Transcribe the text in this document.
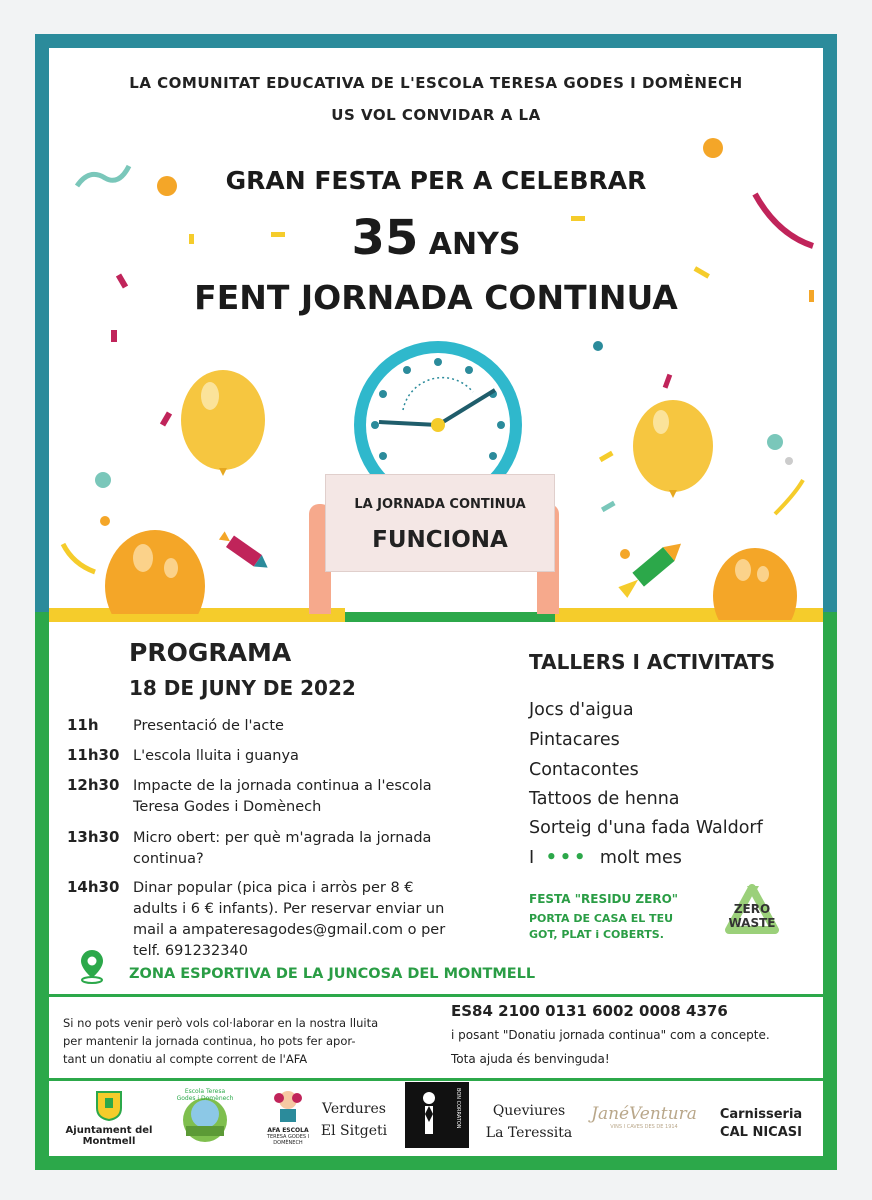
LA COMUNITAT EDUCATIVA DE L'ESCOLA TERESA GODES I DOMÈNECH
US VOL CONVIDAR A LA
GRAN FESTA PER A CELEBRAR
35 ANYS
FENT JORNADA CONTINUA
LA JORNADA CONTINUA
FUNCIONA
PROGRAMA
18 DE JUNY DE 2022
11h Presentació de l'acte
11h30 L'escola lluita i guanya
12h30 Impacte de la jornada continua a l'escola
Teresa Godes i Domènech
13h30 Micro obert: per què m'agrada la jornada
continua?
14h30 Dinar popular (pica pica i arròs per 8 €
adults i 6 € infants). Per reservar enviar un
mail a ampateresagodes@gmail.com o per
telf. 691232340
ZONA ESPORTIVA DE LA JUNCOSA DEL MONTMELL
TALLERS I ACTIVITATS
Jocs d'aigua
Pintacares
Contacontes
Tattoos de henna
Sorteig d'una fada Waldorf
I ••• molt mes
FESTA "RESIDU ZERO"
PORTA DE CASA EL TEU
GOT, PLAT i COBERTS.
ZERO
WASTE
Si no pots venir però vols col·laborar en la nostra lluita
per mantenir la jornada continua, ho pots fer apor-
tant un donatiu al compte corrent de l'AFA
ES84 2100 0131 6002 0008 4376
i posant "Donatiu jornada continua" com a concepte.
Tota ajuda és benvinguda!
Ajuntament del Montmell
Escola Teresa Godes i Domènech
AFA ESCOLA
TERESA GODES I DOMÈNECH
Verdures
El Sitgeti
BON CORRATON	Queviures
La Teressita
JanéVentura
VINS I CAVES DES DE 1914
Carnisseria
CAL NICASI
